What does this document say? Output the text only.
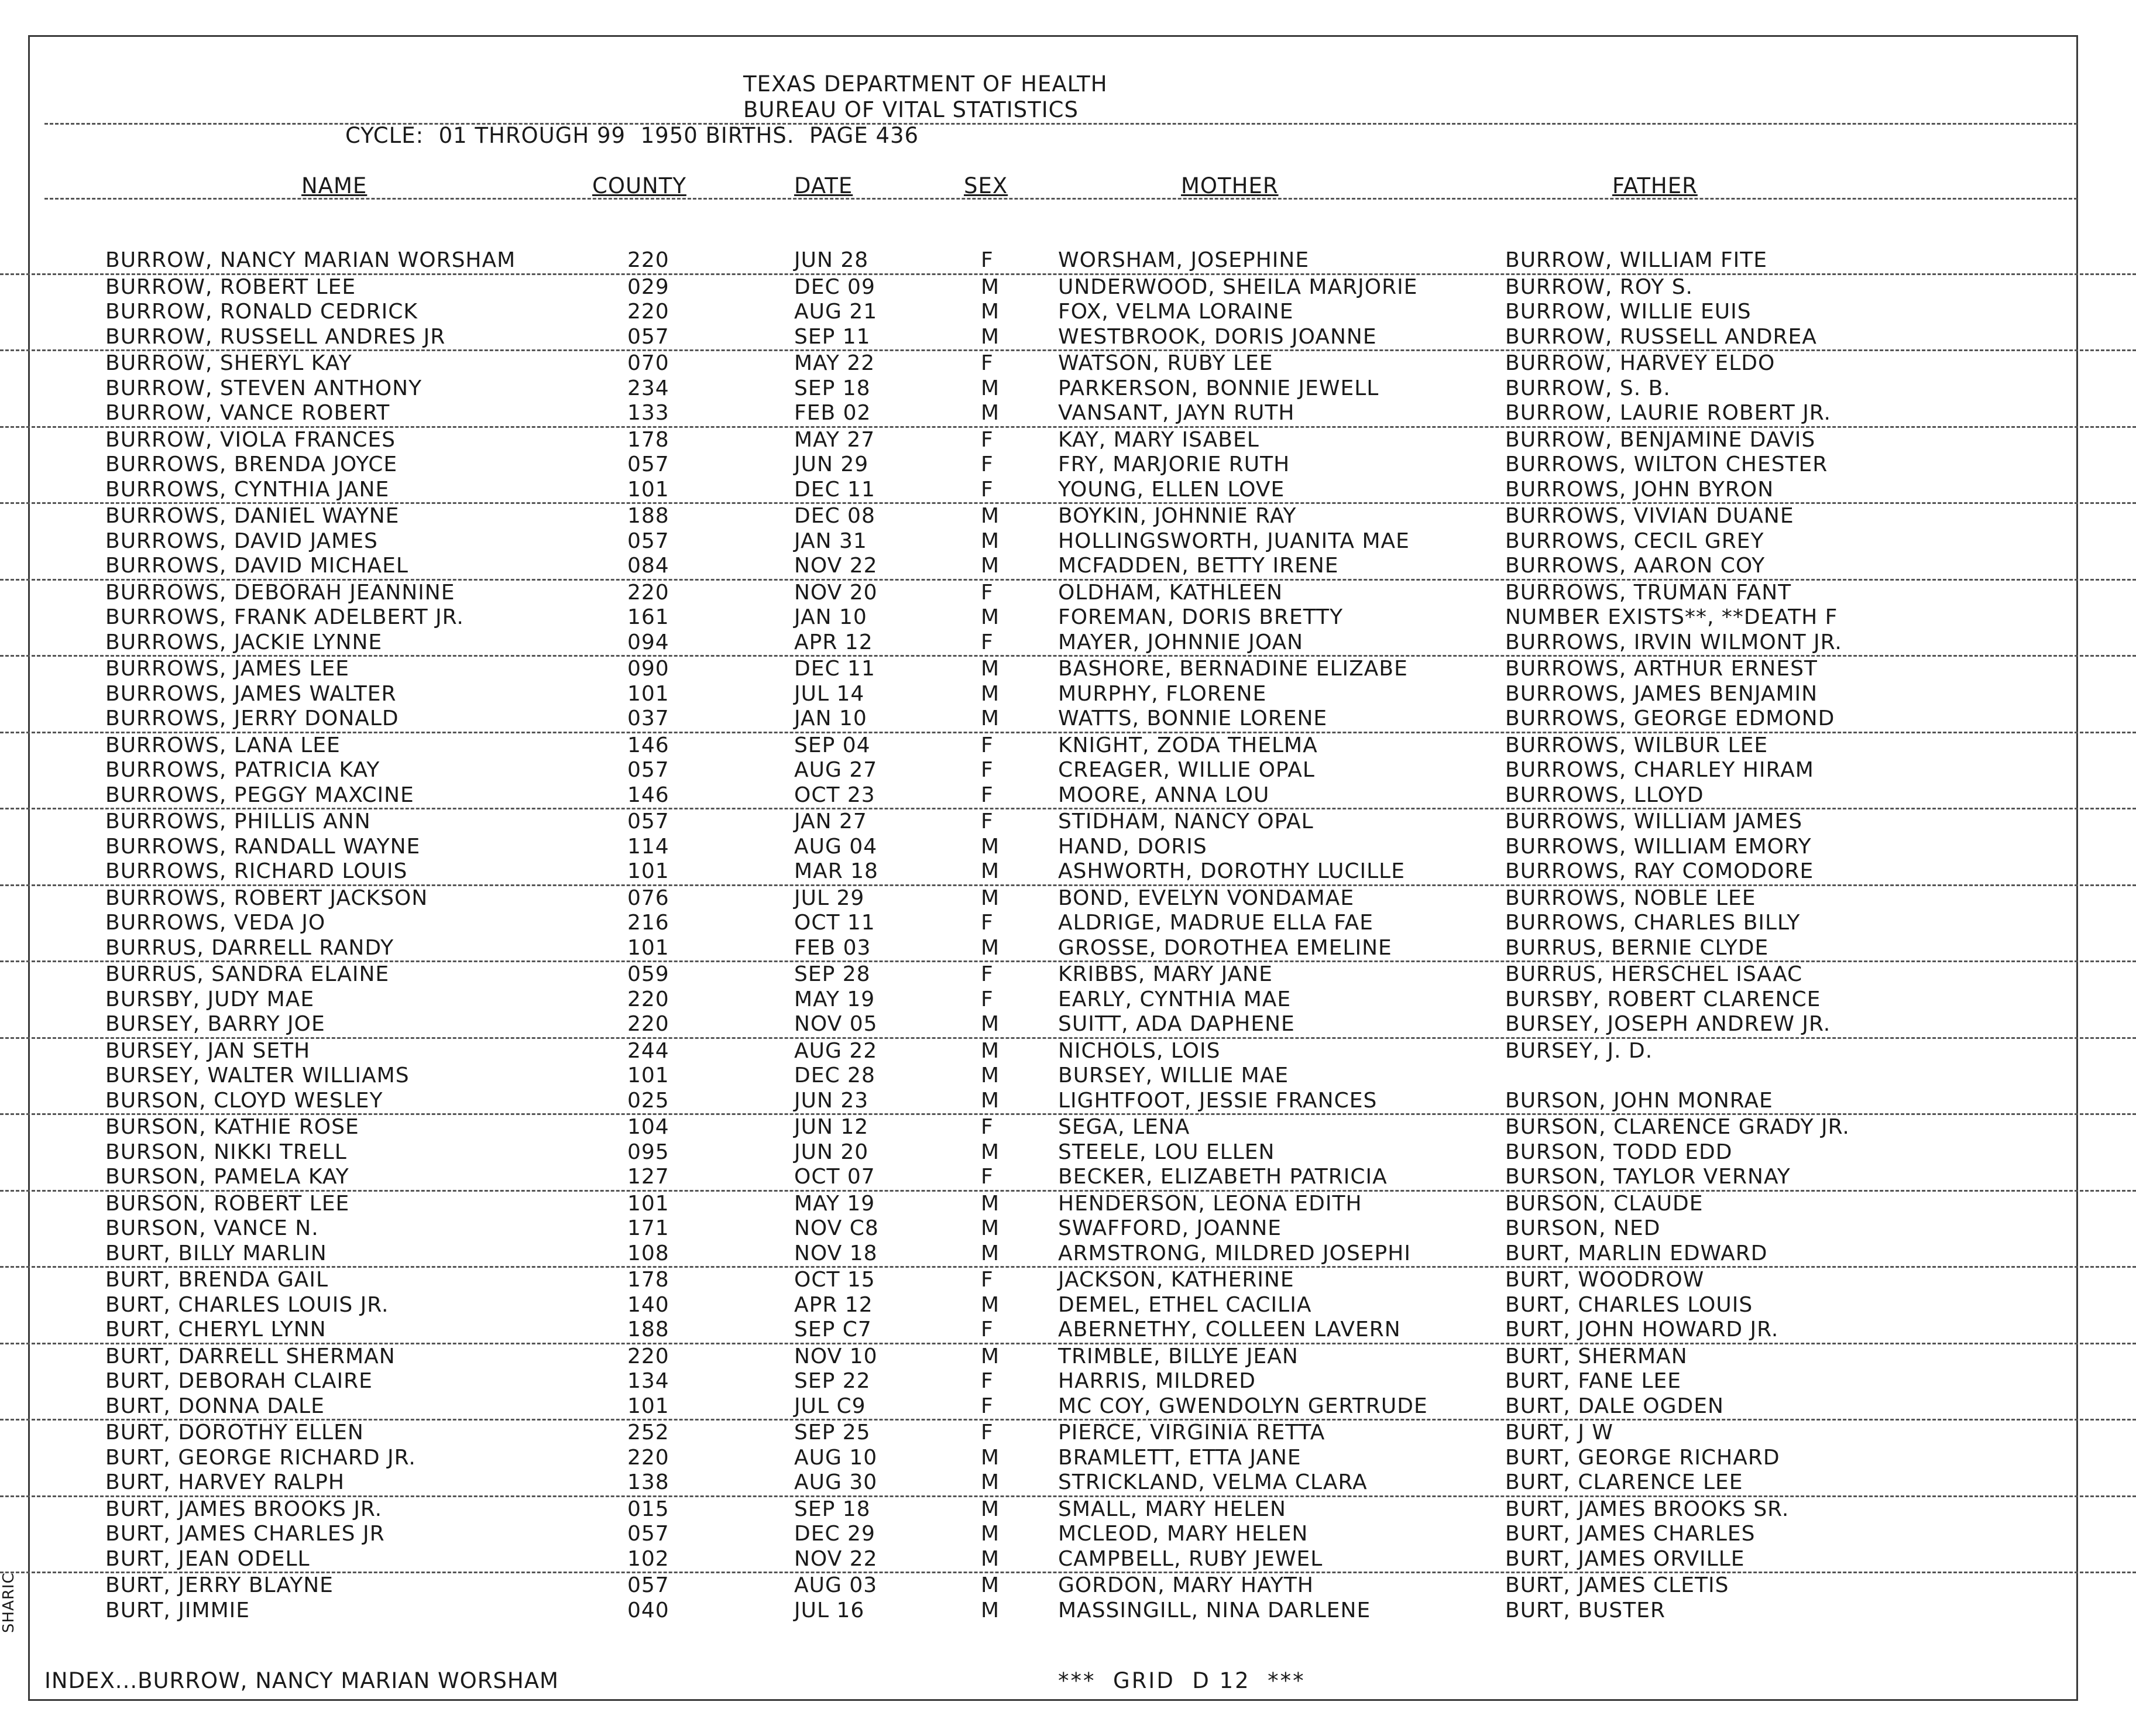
TEXAS DEPARTMENT OF HEALTH
BUREAU OF VITAL STATISTICS
CYCLE:  01 THROUGH 99  1950 BIRTHS.  PAGE 436
NAME	COUNTY	DATE	SEX	MOTHER	FATHER
BURROW, NANCY MARIAN WORSHAM	220	JUN 28	F	WORSHAM, JOSEPHINE	BURROW, WILLIAM FITE
BURROW, ROBERT LEE	029	DEC 09	M	UNDERWOOD, SHEILA MARJORIE	BURROW, ROY S.
BURROW, RONALD CEDRICK	220	AUG 21	M	FOX, VELMA LORAINE	BURROW, WILLIE EUIS
BURROW, RUSSELL ANDRES JR	057	SEP 11	M	WESTBROOK, DORIS JOANNE	BURROW, RUSSELL ANDREA
BURROW, SHERYL KAY	070	MAY 22	F	WATSON, RUBY LEE	BURROW, HARVEY ELDO
BURROW, STEVEN ANTHONY	234	SEP 18	M	PARKERSON, BONNIE JEWELL	BURROW, S. B.
BURROW, VANCE ROBERT	133	FEB 02	M	VANSANT, JAYN RUTH	BURROW, LAURIE ROBERT JR.
BURROW, VIOLA FRANCES	178	MAY 27	F	KAY, MARY ISABEL	BURROW, BENJAMINE DAVIS
BURROWS, BRENDA JOYCE	057	JUN 29	F	FRY, MARJORIE RUTH	BURROWS, WILTON CHESTER
BURROWS, CYNTHIA JANE	101	DEC 11	F	YOUNG, ELLEN LOVE	BURROWS, JOHN BYRON
BURROWS, DANIEL WAYNE	188	DEC 08	M	BOYKIN, JOHNNIE RAY	BURROWS, VIVIAN DUANE
BURROWS, DAVID JAMES	057	JAN 31	M	HOLLINGSWORTH, JUANITA MAE	BURROWS, CECIL GREY
BURROWS, DAVID MICHAEL	084	NOV 22	M	MCFADDEN, BETTY IRENE	BURROWS, AARON COY
BURROWS, DEBORAH JEANNINE	220	NOV 20	F	OLDHAM, KATHLEEN	BURROWS, TRUMAN FANT
BURROWS, FRANK ADELBERT JR.	161	JAN 10	M	FOREMAN, DORIS BRETTY	NUMBER EXISTS**, **DEATH F
BURROWS, JACKIE LYNNE	094	APR 12	F	MAYER, JOHNNIE JOAN	BURROWS, IRVIN WILMONT JR.
BURROWS, JAMES LEE	090	DEC 11	M	BASHORE, BERNADINE ELIZABE	BURROWS, ARTHUR ERNEST
BURROWS, JAMES WALTER	101	JUL 14	M	MURPHY, FLORENE	BURROWS, JAMES BENJAMIN
BURROWS, JERRY DONALD	037	JAN 10	M	WATTS, BONNIE LORENE	BURROWS, GEORGE EDMOND
BURROWS, LANA LEE	146	SEP 04	F	KNIGHT, ZODA THELMA	BURROWS, WILBUR LEE
BURROWS, PATRICIA KAY	057	AUG 27	F	CREAGER, WILLIE OPAL	BURROWS, CHARLEY HIRAM
BURROWS, PEGGY MAXCINE	146	OCT 23	F	MOORE, ANNA LOU	BURROWS, LLOYD
BURROWS, PHILLIS ANN	057	JAN 27	F	STIDHAM, NANCY OPAL	BURROWS, WILLIAM JAMES
BURROWS, RANDALL WAYNE	114	AUG 04	M	HAND, DORIS	BURROWS, WILLIAM EMORY
BURROWS, RICHARD LOUIS	101	MAR 18	M	ASHWORTH, DOROTHY LUCILLE	BURROWS, RAY COMODORE
BURROWS, ROBERT JACKSON	076	JUL 29	M	BOND, EVELYN VONDAMAE	BURROWS, NOBLE LEE
BURROWS, VEDA JO	216	OCT 11	F	ALDRIGE, MADRUE ELLA FAE	BURROWS, CHARLES BILLY
BURRUS, DARRELL RANDY	101	FEB 03	M	GROSSE, DOROTHEA EMELINE	BURRUS, BERNIE CLYDE
BURRUS, SANDRA ELAINE	059	SEP 28	F	KRIBBS, MARY JANE	BURRUS, HERSCHEL ISAAC
BURSBY, JUDY MAE	220	MAY 19	F	EARLY, CYNTHIA MAE	BURSBY, ROBERT CLARENCE
BURSEY, BARRY JOE	220	NOV 05	M	SUITT, ADA DAPHENE	BURSEY, JOSEPH ANDREW JR.
BURSEY, JAN SETH	244	AUG 22	M	NICHOLS, LOIS	BURSEY, J. D.
BURSEY, WALTER WILLIAMS	101	DEC 28	M	BURSEY, WILLIE MAE
BURSON, CLOYD WESLEY	025	JUN 23	M	LIGHTFOOT, JESSIE FRANCES	BURSON, JOHN MONRAE
BURSON, KATHIE ROSE	104	JUN 12	F	SEGA, LENA	BURSON, CLARENCE GRADY JR.
BURSON, NIKKI TRELL	095	JUN 20	M	STEELE, LOU ELLEN	BURSON, TODD EDD
BURSON, PAMELA KAY	127	OCT 07	F	BECKER, ELIZABETH PATRICIA	BURSON, TAYLOR VERNAY
BURSON, ROBERT LEE	101	MAY 19	M	HENDERSON, LEONA EDITH	BURSON, CLAUDE
BURSON, VANCE N.	171	NOV C8	M	SWAFFORD, JOANNE	BURSON, NED
BURT, BILLY MARLIN	108	NOV 18	M	ARMSTRONG, MILDRED JOSEPHI	BURT, MARLIN EDWARD
BURT, BRENDA GAIL	178	OCT 15	F	JACKSON, KATHERINE	BURT, WOODROW
BURT, CHARLES LOUIS JR.	140	APR 12	M	DEMEL, ETHEL CACILIA	BURT, CHARLES LOUIS
BURT, CHERYL LYNN	188	SEP C7	F	ABERNETHY, COLLEEN LAVERN	BURT, JOHN HOWARD JR.
BURT, DARRELL SHERMAN	220	NOV 10	M	TRIMBLE, BILLYE JEAN	BURT, SHERMAN
BURT, DEBORAH CLAIRE	134	SEP 22	F	HARRIS, MILDRED	BURT, FANE LEE
BURT, DONNA DALE	101	JUL C9	F	MC COY, GWENDOLYN GERTRUDE	BURT, DALE OGDEN
BURT, DOROTHY ELLEN	252	SEP 25	F	PIERCE, VIRGINIA RETTA	BURT, J W
BURT, GEORGE RICHARD JR.	220	AUG 10	M	BRAMLETT, ETTA JANE	BURT, GEORGE RICHARD
BURT, HARVEY RALPH	138	AUG 30	M	STRICKLAND, VELMA CLARA	BURT, CLARENCE LEE
BURT, JAMES BROOKS JR.	015	SEP 18	M	SMALL, MARY HELEN	BURT, JAMES BROOKS SR.
BURT, JAMES CHARLES JR	057	DEC 29	M	MCLEOD, MARY HELEN	BURT, JAMES CHARLES
BURT, JEAN ODELL	102	NOV 22	M	CAMPBELL, RUBY JEWEL	BURT, JAMES ORVILLE
BURT, JERRY BLAYNE	057	AUG 03	M	GORDON, MARY HAYTH	BURT, JAMES CLETIS
BURT, JIMMIE	040	JUL 16	M	MASSINGILL, NINA DARLENE	BURT, BUSTER
INDEX...BURROW, NANCY MARIAN WORSHAM	***  GRID  D 12  ***
SHARIC
